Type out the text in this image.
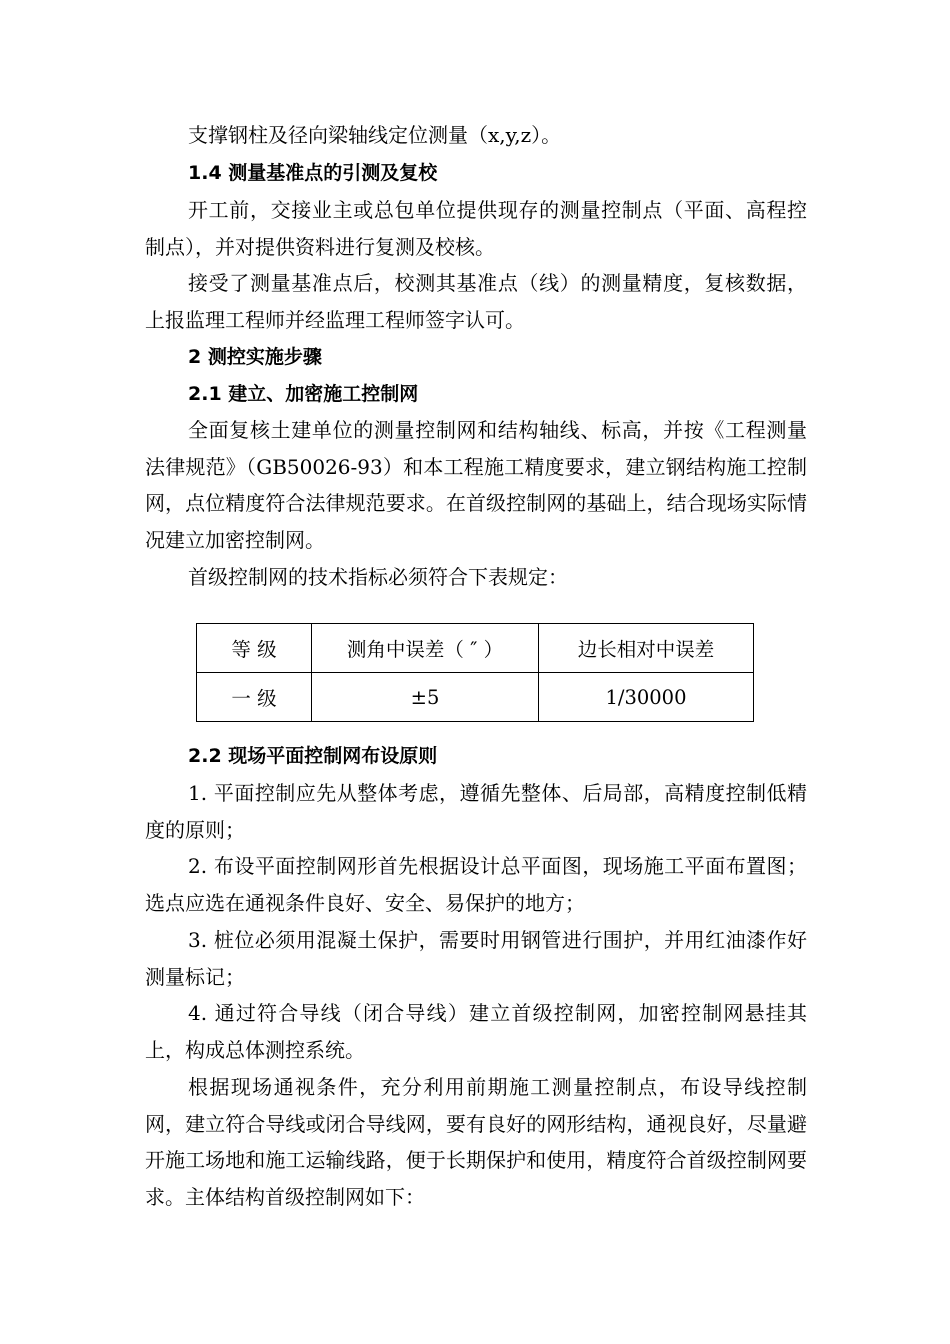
支撑钢柱及径向梁轴线定位测量（x,y,z）。

1.4 测量基准点的引测及复校

开工前，交接业主或总包单位提供现存的测量控制点（平面、高程控制点），并对提供资料进行复测及校核。

接受了测量基准点后，校测其基准点（线）的测量精度，复核数据，上报监理工程师并经监理工程师签字认可。

2 测控实施步骤
2.1 建立、加密施工控制网

全面复核土建单位的测量控制网和结构轴线、标高，并按《工程测量法律规范》（GB50026-93）和本工程施工精度要求，建立钢结构施工控制网，点位精度符合法律规范要求。在首级控制网的基础上，结合现场实际情况建立加密控制网。

首级控制网的技术指标必须符合下表规定：

等 级	测角中误差（ ″ ）	边长相对中误差
一 级	±5	1/30000
2.2 现场平面控制网布设原则

1. 平面控制应先从整体考虑，遵循先整体、后局部，高精度控制低精度的原则；

2. 布设平面控制网形首先根据设计总平面图，现场施工平面布置图；选点应选在通视条件良好、安全、易保护的地方；

3. 桩位必须用混凝土保护，需要时用钢管进行围护，并用红油漆作好测量标记；

4. 通过符合导线（闭合导线）建立首级控制网，加密控制网悬挂其上，构成总体测控系统。

根据现场通视条件，充分利用前期施工测量控制点，布设导线控制网，建立符合导线或闭合导线网，要有良好的网形结构，通视良好，尽量避开施工场地和施工运输线路，便于长期保护和使用，精度符合首级控制网要求。主体结构首级控制网如下：
